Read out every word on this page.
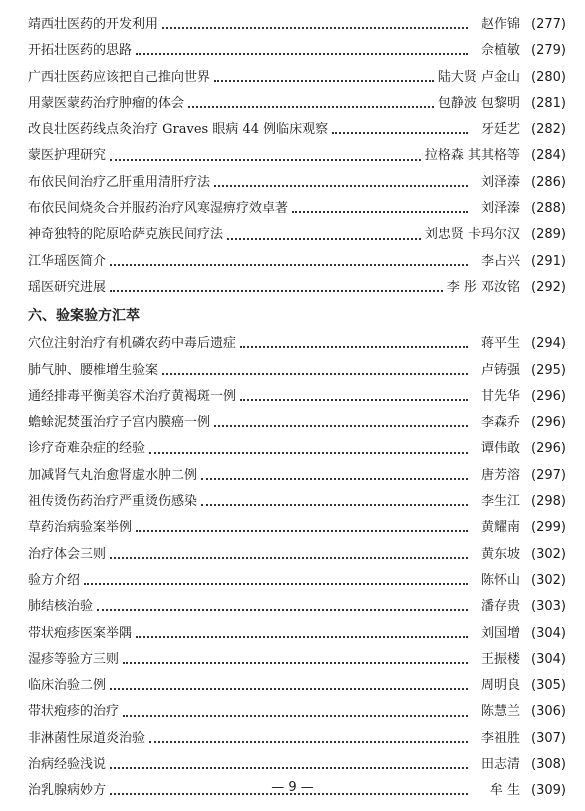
靖西壮医药的开发利用	赵作锦 (277)
开拓壮医药的思路	佘植敏 (279)
广西壮医药应该把自己推向世界	陆大贤 卢金山 (280)
用蒙医蒙药治疗肿瘤的体会	包静波 包黎明 (281)
改良壮医药线点灸治疗 Graves 眼病 44 例临床观察	牙廷艺 (282)
蒙医护理研究	拉格森 其其格等 (284)
布依民间治疗乙肝重用清肝疗法	刘泽溱 (286)
布依民间烧灸合并服药治疗风寒湿痹疗效卓著	刘泽溱 (288)
神奇独特的陀原哈萨克族民间疗法	刘忠贤 卡玛尔汉 (289)
江华瑶医简介	李占兴 (291)
瑶医研究进展	李 彤 邓汝铭 (292)
六、验案验方汇萃
穴位注射治疗有机磷农药中毒后遗症	蒋平生 (294)
肺气肿、腰椎增生验案	卢铸强 (295)
通经排毒平衡美容术治疗黄褐斑一例	甘先华 (296)
蟾蜍泥焚蛋治疗子宫内膜癌一例	李森乔 (296)
诊疗奇难杂症的经验	谭伟敢 (296)
加减肾气丸治愈肾虚水肿二例	唐芳溶 (297)
祖传烫伤药治疗严重烫伤感染	李生江 (298)
草药治病验案举例	黄耀南 (299)
治疗体会三则	黄东坡 (302)
验方介绍	陈怀山 (302)
肺结核治验	潘存贵 (303)
带状疱疹医案举隅	刘国增 (304)
湿疹等验方三则	王振楼 (304)
临床治验二例	周明良 (305)
带状疱疹的治疗	陈慧兰 (306)
非淋菌性尿道炎治验	李祖胜 (307)
治病经验浅说	田志清 (308)
治乳腺病妙方	牟 生 (309)
— 9 —
